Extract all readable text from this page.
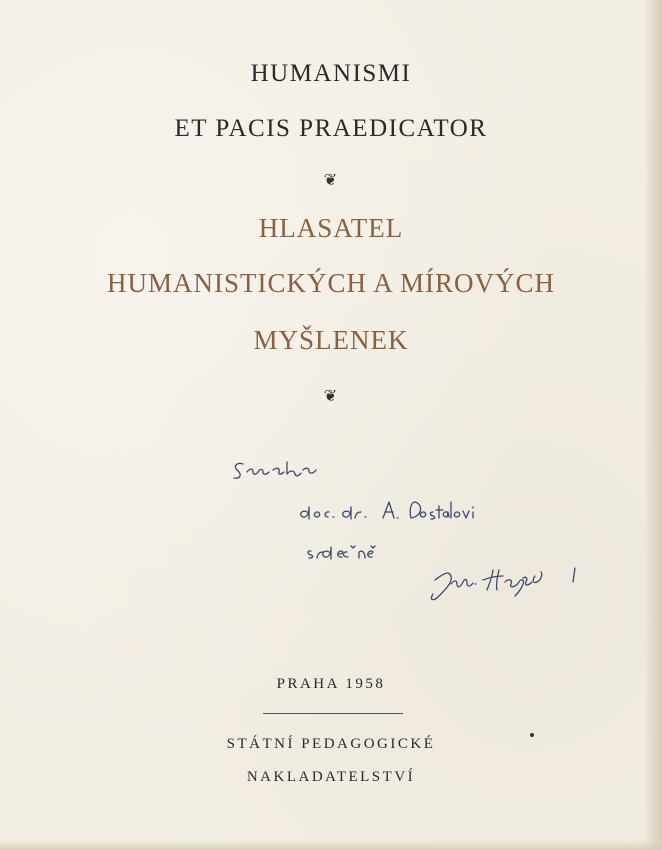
HUMANISMI
ET PACIS PRAEDICATOR
❦
HLASATEL
HUMANISTICKÝCH A MÍROVÝCH
MYŠLENEK
❦
PRAHA 1958
STÁTNÍ PEDAGOGICKÉ
NAKLADATELSTVÍ
